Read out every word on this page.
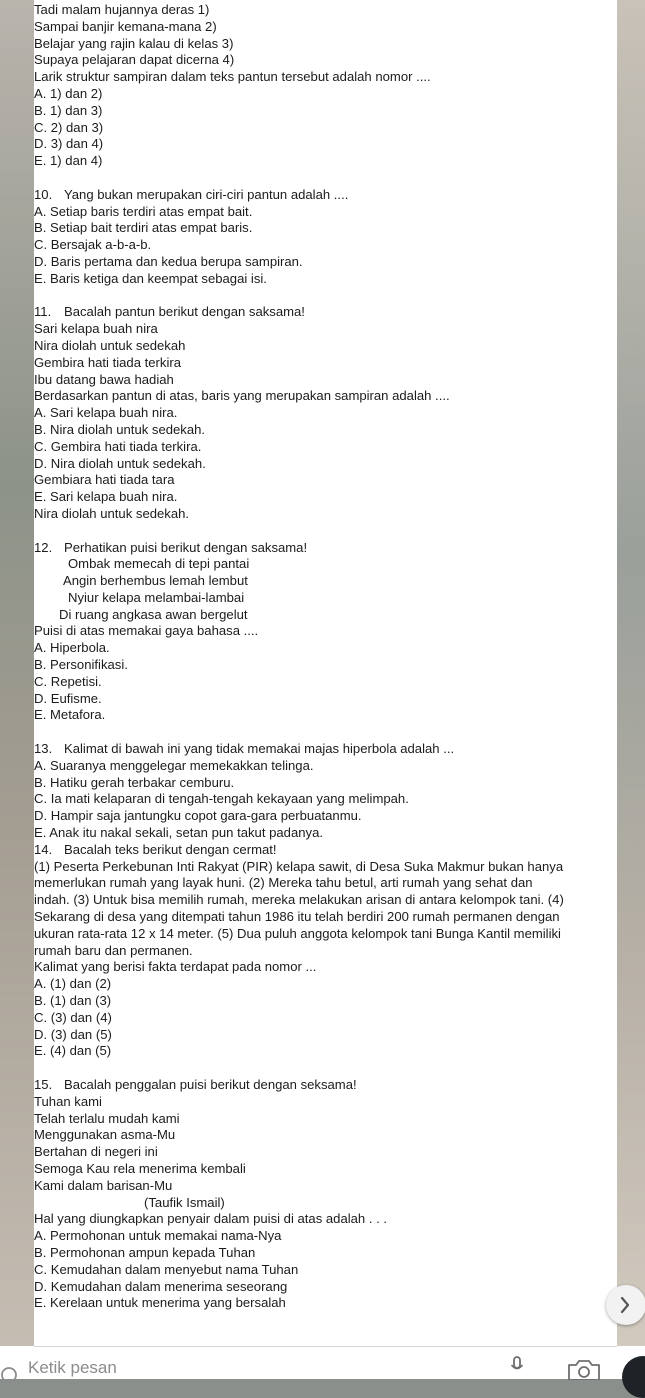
Tadi malam hujannya deras 1)
Sampai banjir kemana-mana 2)
Belajar yang rajin kalau di kelas 3)
Supaya pelajaran dapat dicerna 4)
Larik struktur sampiran dalam teks pantun tersebut adalah nomor ....
A. 1) dan 2)
B. 1) dan 3)
C. 2) dan 3)
D. 3) dan 4)
E. 1) dan 4)
10. Yang bukan merupakan ciri-ciri pantun adalah ....
A. Setiap baris terdiri atas empat bait.
B. Setiap bait terdiri atas empat baris.
C. Bersajak a-b-a-b.
D. Baris pertama dan kedua berupa sampiran.
E. Baris ketiga dan keempat sebagai isi.
11. Bacalah pantun berikut dengan saksama!
Sari kelapa buah nira
Nira diolah untuk sedekah
Gembira hati tiada terkira
Ibu datang bawa hadiah
Berdasarkan pantun di atas, baris yang merupakan sampiran adalah ....
A. Sari kelapa buah nira.
B. Nira diolah untuk sedekah.
C. Gembira hati tiada terkira.
D. Nira diolah untuk sedekah.
Gembiara hati tiada tara
E. Sari kelapa buah nira.
Nira diolah untuk sedekah.
12. Perhatikan puisi berikut dengan saksama!
Ombak memecah di tepi pantai
Angin berhembus lemah lembut
Nyiur kelapa melambai-lambai
Di ruang angkasa awan bergelut
Puisi di atas memakai gaya bahasa ....
A. Hiperbola.
B. Personifikasi.
C. Repetisi.
D. Eufisme.
E. Metafora.
13. Kalimat di bawah ini yang tidak memakai majas hiperbola adalah ...
A. Suaranya menggelegar memekakkan telinga.
B. Hatiku gerah terbakar cemburu.
C. Ia mati kelaparan di tengah-tengah kekayaan yang melimpah.
D. Hampir saja jantungku copot gara-gara perbuatanmu.
E. Anak itu nakal sekali, setan pun takut padanya.
14. Bacalah teks berikut dengan cermat!
(1) Peserta Perkebunan Inti Rakyat (PIR) kelapa sawit, di Desa Suka Makmur bukan hanya
memerlukan rumah yang layak huni. (2) Mereka tahu betul, arti rumah yang sehat dan
indah. (3) Untuk bisa memilih rumah, mereka melakukan arisan di antara kelompok tani. (4)
Sekarang di desa yang ditempati tahun 1986 itu telah berdiri 200 rumah permanen dengan
ukuran rata-rata 12 x 14 meter. (5) Dua puluh anggota kelompok tani Bunga Kantil memiliki
rumah baru dan permanen.
Kalimat yang berisi fakta terdapat pada nomor ...
A. (1) dan (2)
B. (1) dan (3)
C. (3) dan (4)
D. (3) dan (5)
E. (4) dan (5)
15. Bacalah penggalan puisi berikut dengan seksama!
Tuhan kami
Telah terlalu mudah kami
Menggunakan asma-Mu
Bertahan di negeri ini
Semoga Kau rela menerima kembali
Kami dalam barisan-Mu
(Taufik Ismail)
Hal yang diungkapkan penyair dalam puisi di atas adalah . . .
A. Permohonan untuk memakai nama-Nya
B. Permohonan ampun kepada Tuhan
C. Kemudahan dalam menyebut nama Tuhan
D. Kemudahan dalam menerima seseorang
E. Kerelaan untuk menerima yang bersalah
Ketik pesan
